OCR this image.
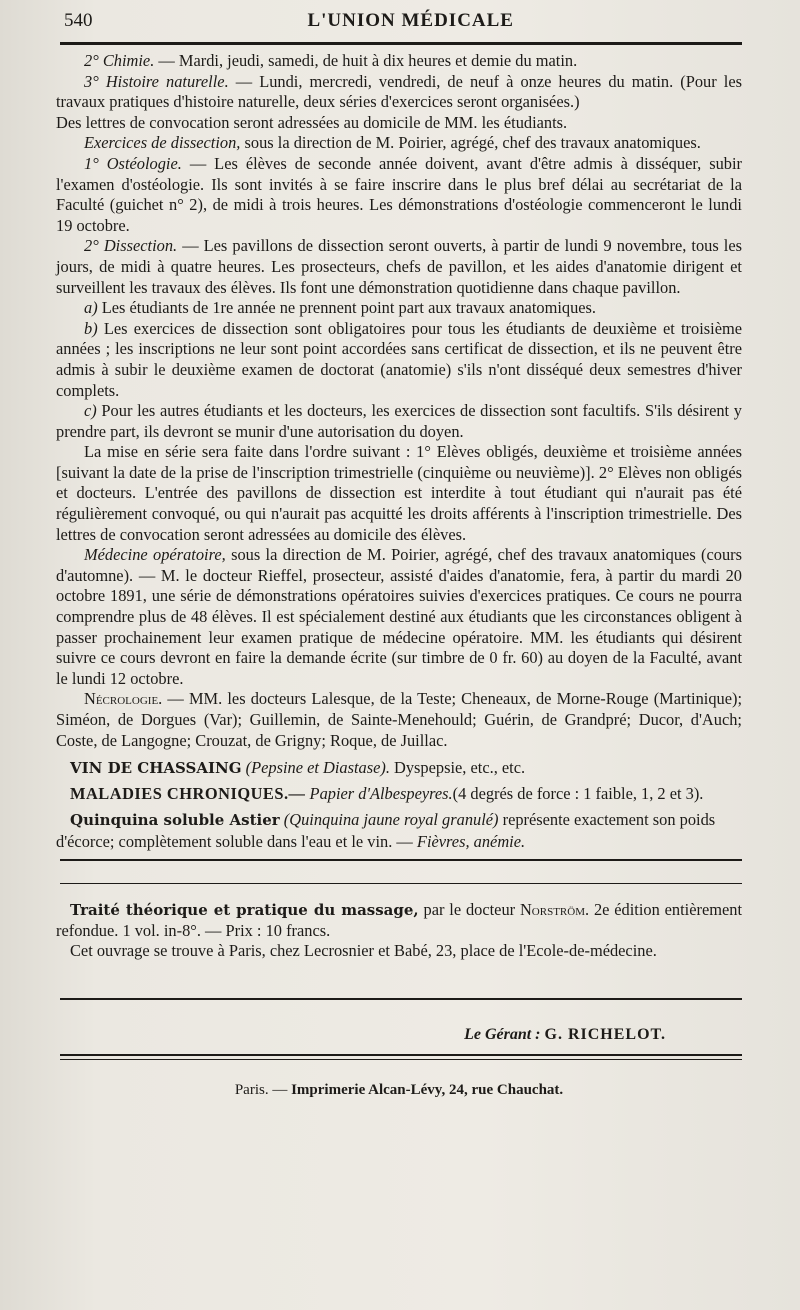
540	L'UNION MÉDICALE

2° Chimie. — Mardi, jeudi, samedi, de huit à dix heures et demie du matin.

3° Histoire naturelle. — Lundi, mercredi, vendredi, de neuf à onze heures du matin. (Pour les travaux pratiques d'histoire naturelle, deux séries d'exercices seront organisées.)

Des lettres de convocation seront adressées au domicile de MM. les étudiants.

Exercices de dissection, sous la direction de M. Poirier, agrégé, chef des travaux anatomiques.

1° Ostéologie. — Les élèves de seconde année doivent, avant d'être admis à disséquer, subir l'examen d'ostéologie. Ils sont invités à se faire inscrire dans le plus bref délai au secrétariat de la Faculté (guichet n° 2), de midi à trois heures. Les démonstrations d'ostéologie commenceront le lundi 19 octobre.

2° Dissection. — Les pavillons de dissection seront ouverts, à partir de lundi 9 novembre, tous les jours, de midi à quatre heures. Les prosecteurs, chefs de pavillon, et les aides d'anatomie dirigent et surveillent les travaux des élèves. Ils font une démonstration quotidienne dans chaque pavillon.

a) Les étudiants de 1re année ne prennent point part aux travaux anatomiques.

b) Les exercices de dissection sont obligatoires pour tous les étudiants de deuxième et troisième années ; les inscriptions ne leur sont point accordées sans certificat de dissection, et ils ne peuvent être admis à subir le deuxième examen de doctorat (anatomie) s'ils n'ont disséqué deux semestres d'hiver complets.

c) Pour les autres étudiants et les docteurs, les exercices de dissection sont facultifs. S'ils désirent y prendre part, ils devront se munir d'une autorisation du doyen.

La mise en série sera faite dans l'ordre suivant : 1° Elèves obligés, deuxième et troisième années [suivant la date de la prise de l'inscription trimestrielle (cinquième ou neuvième)]. 2° Elèves non obligés et docteurs. L'entrée des pavillons de dissection est interdite à tout étudiant qui n'aurait pas été régulièrement convoqué, ou qui n'aurait pas acquitté les droits afférents à l'inscription trimestrielle. Des lettres de convocation seront adressées au domicile des élèves.

Médecine opératoire, sous la direction de M. Poirier, agrégé, chef des travaux anatomiques (cours d'automne). — M. le docteur Rieffel, prosecteur, assisté d'aides d'anatomie, fera, à partir du mardi 20 octobre 1891, une série de démonstrations opératoires suivies d'exercices pratiques. Ce cours ne pourra comprendre plus de 48 élèves. Il est spécialement destiné aux étudiants que les circonstances obligent à passer prochainement leur examen pratique de médecine opératoire. MM. les étudiants qui désirent suivre ce cours devront en faire la demande écrite (sur timbre de 0 fr. 60) au doyen de la Faculté, avant le lundi 12 octobre.

Nécrologie. — MM. les docteurs Lalesque, de la Teste; Cheneaux, de Morne-Rouge (Martinique); Siméon, de Dorgues (Var); Guillemin, de Sainte-Menehould; Guérin, de Grandpré; Ducor, d'Auch; Coste, de Langogne; Crouzat, de Grigny; Roque, de Juillac.

VIN DE CHASSAING (Pepsine et Diastase). Dyspepsie, etc., etc.

MALADIES CHRONIQUES.— Papier d'Albespeyres.(4 degrés de force : 1 faible, 1, 2 et 3).

Quinquina soluble Astier (Quinquina jaune royal granulé) représente exactement son poids d'écorce; complètement soluble dans l'eau et le vin. — Fièvres, anémie.

Traité théorique et pratique du massage, par le docteur Norström. 2e édition entièrement refondue. 1 vol. in-8°. — Prix : 10 francs.

Cet ouvrage se trouve à Paris, chez Lecrosnier et Babé, 23, place de l'Ecole-de-médecine.

Le Gérant : G. RICHELOT.
Paris. — Imprimerie Alcan-Lévy, 24, rue Chauchat.
